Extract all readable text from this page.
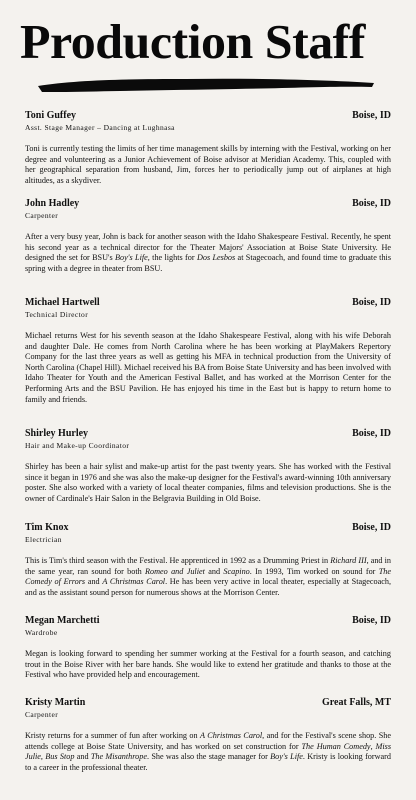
Production Staff
Toni Guffey	Boise, ID
Asst. Stage Manager – Dancing at Lughnasa
Toni is currently testing the limits of her time management skills by interning with the Festival, working on her degree and volunteering as a Junior Achievement of Boise advisor at Meridian Academy. This, coupled with her geographical separation from husband, Jim, forces her to periodically jump out of airplanes at high altitudes, as a skydiver.
John Hadley	Boise, ID
Carpenter
After a very busy year, John is back for another season with the Idaho Shakespeare Festival. Recently, he spent his second year as a technical director for the Theater Majors' Association at Boise State University. He designed the set for BSU's Boy's Life, the lights for Dos Lesbos at Stagecoach, and found time to graduate this spring with a degree in theater from BSU.
Michael Hartwell	Boise, ID
Technical Director
Michael returns West for his seventh season at the Idaho Shakespeare Festival, along with his wife Deborah and daughter Dale. He comes from North Carolina where he has been working at PlayMakers Repertory Company for the last three years as well as getting his MFA in technical production from the University of North Carolina (Chapel Hill). Michael received his BA from Boise State University and has been involved with Idaho Theater for Youth and the American Festival Ballet, and has worked at the Morrison Center for the Performing Arts and the BSU Pavilion. He has enjoyed his time in the East but is happy to return home to family and friends.
Shirley Hurley	Boise, ID
Hair and Make-up Coordinator
Shirley has been a hair sylist and make-up artist for the past twenty years. She has worked with the Festival since it began in 1976 and she was also the make-up designer for the Festival's award-winning 10th anniversary poster. She also worked with a variety of local theater companies, films and television productions. She is the owner of Cardinale's Hair Salon in the Belgravia Building in Old Boise.
Tim Knox	Boise, ID
Electrician
This is Tim's third season with the Festival. He apprenticed in 1992 as a Drumming Priest in Richard III, and in the same year, ran sound for both Romeo and Juliet and Scapino. In 1993, Tim worked on sound for The Comedy of Errors and A Christmas Carol. He has been very active in local theater, especially at Stagecoach, and as the assistant sound person for numerous shows at the Morrison Center.
Megan Marchetti	Boise, ID
Wardrobe
Megan is looking forward to spending her summer working at the Festival for a fourth season, and catching trout in the Boise River with her bare hands. She would like to extend her gratitude and thanks to those at the Festival who have provided help and encouragement.
Kristy Martin	Great Falls, MT
Carpenter
Kristy returns for a summer of fun after working on A Christmas Carol, and for the Festival's scene shop. She attends college at Boise State University, and has worked on set construction for The Human Comedy, Miss Julie, Bus Stop and The Misanthrope. She was also the stage manager for Boy's Life. Kristy is looking forward to a career in the professional theater.
